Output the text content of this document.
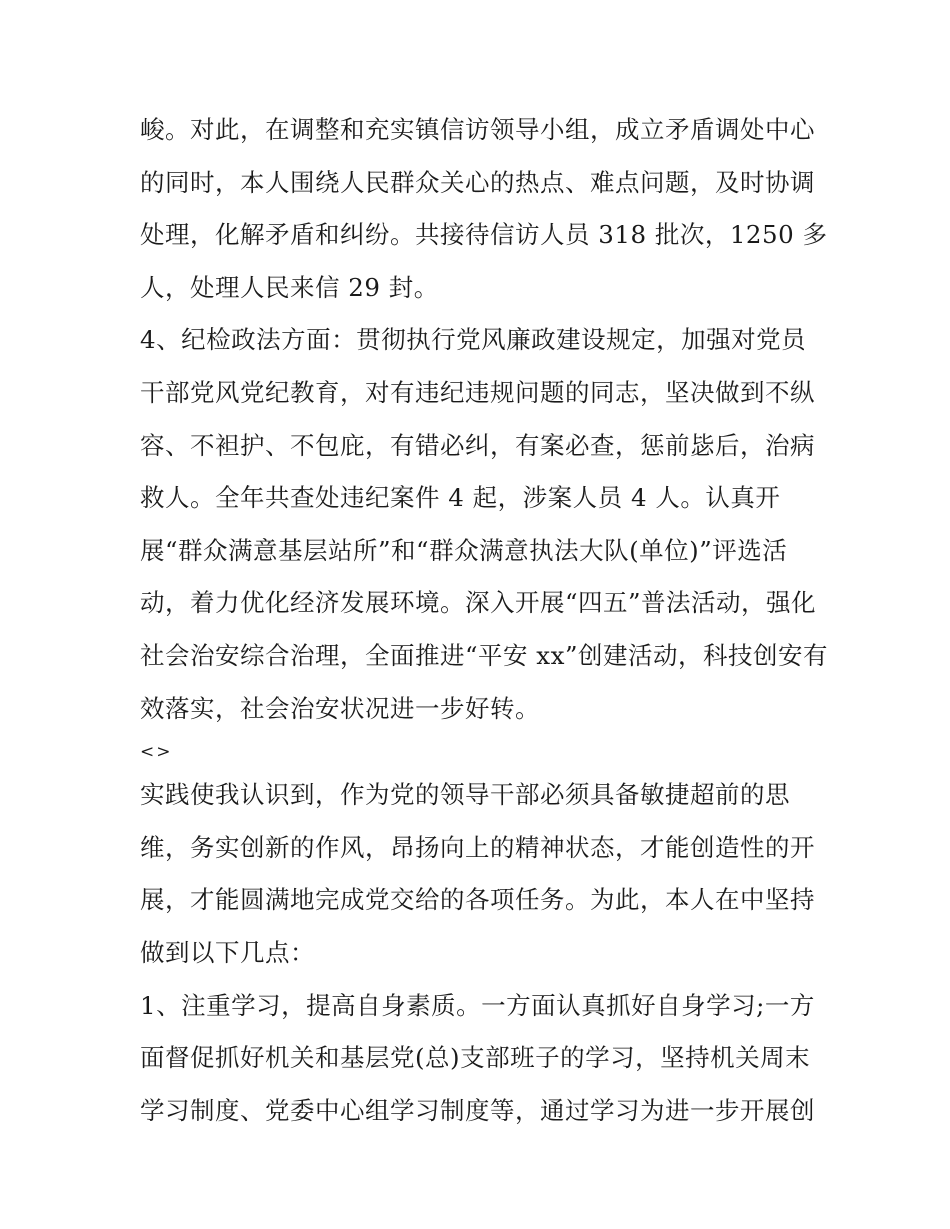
峻。对此，在调整和充实镇信访领导小组，成立矛盾调处中心
的同时，本人围绕人民群众关心的热点、难点问题，及时协调
处理，化解矛盾和纠纷。共接待信访人员 318 批次，1250 多
人，处理人民来信 29 封。
4、纪检政法方面：贯彻执行党风廉政建设规定，加强对党员
干部党风党纪教育，对有违纪违规问题的同志，坚决做到不纵
容、不袒护、不包庇，有错必纠，有案必查，惩前毖后，治病
救人。全年共查处违纪案件 4 起，涉案人员 4 人。认真开
展“群众满意基层站所”和“群众满意执法大队(单位)”评选活
动，着力优化经济发展环境。深入开展“四五”普法活动，强化
社会治安综合治理，全面推进“平安 xx”创建活动，科技创安有
效落实，社会治安状况进一步好转。
<>
实践使我认识到，作为党的领导干部必须具备敏捷超前的思
维，务实创新的作风，昂扬向上的精神状态，才能创造性的开
展，才能圆满地完成党交给的各项任务。为此，本人在中坚持
做到以下几点：
1、注重学习，提高自身素质。一方面认真抓好自身学习;一方
面督促抓好机关和基层党(总)支部班子的学习，坚持机关周末
学习制度、党委中心组学习制度等，通过学习为进一步开展创
